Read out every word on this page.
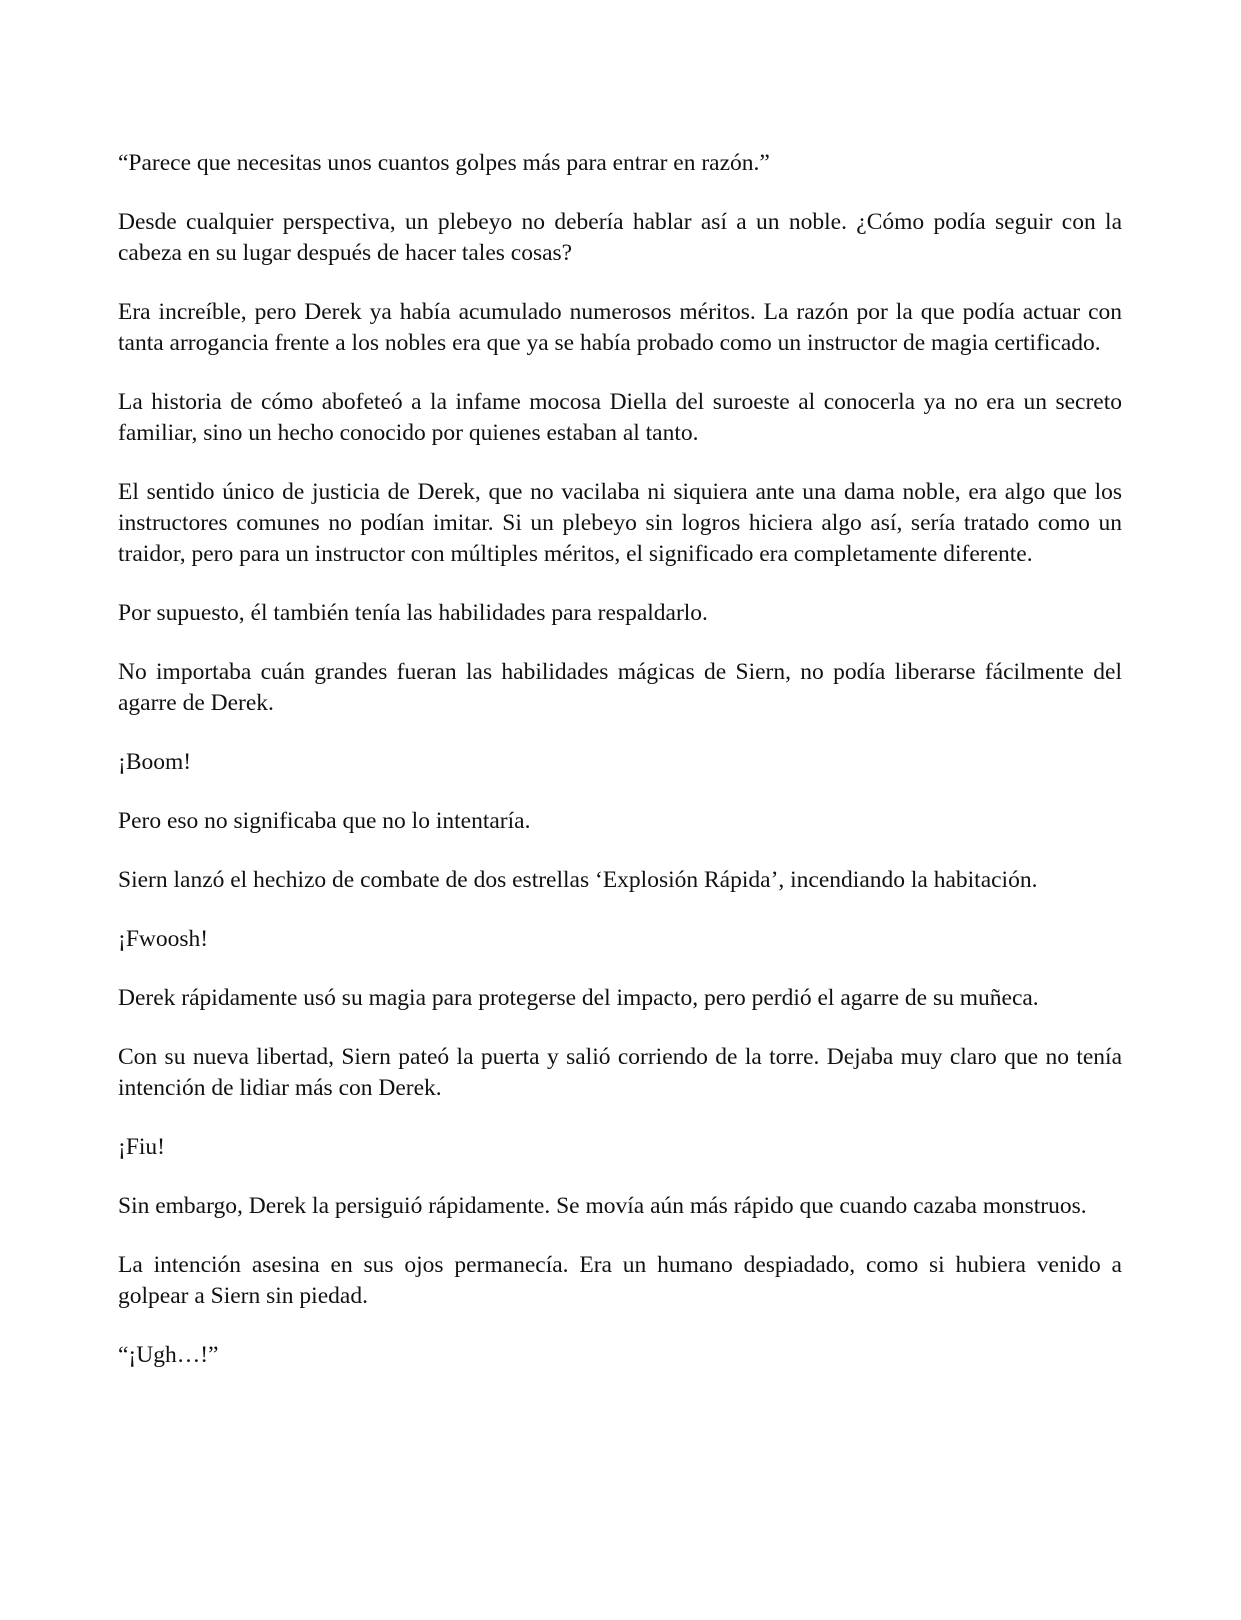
“Parece que necesitas unos cuantos golpes más para entrar en razón.”

Desde cualquier perspectiva, un plebeyo no debería hablar así a un noble. ¿Cómo podía seguir con la cabeza en su lugar después de hacer tales cosas?

Era increíble, pero Derek ya había acumulado numerosos méritos. La razón por la que podía actuar con tanta arrogancia frente a los nobles era que ya se había probado como un instructor de magia certificado.

La historia de cómo abofeteó a la infame mocosa Diella del suroeste al conocerla ya no era un secreto familiar, sino un hecho conocido por quienes estaban al tanto.

El sentido único de justicia de Derek, que no vacilaba ni siquiera ante una dama noble, era algo que los instructores comunes no podían imitar. Si un plebeyo sin logros hiciera algo así, sería tratado como un traidor, pero para un instructor con múltiples méritos, el significado era completamente diferente.

Por supuesto, él también tenía las habilidades para respaldarlo.

No importaba cuán grandes fueran las habilidades mágicas de Siern, no podía liberarse fácilmente del agarre de Derek.

¡Boom!

Pero eso no significaba que no lo intentaría.

Siern lanzó el hechizo de combate de dos estrellas ‘Explosión Rápida’, incendiando la habitación.

¡Fwoosh!

Derek rápidamente usó su magia para protegerse del impacto, pero perdió el agarre de su muñeca.

Con su nueva libertad, Siern pateó la puerta y salió corriendo de la torre. Dejaba muy claro que no tenía intención de lidiar más con Derek.

¡Fiu!

Sin embargo, Derek la persiguió rápidamente. Se movía aún más rápido que cuando cazaba monstruos.

La intención asesina en sus ojos permanecía. Era un humano despiadado, como si hubiera venido a golpear a Siern sin piedad.

“¡Ugh…!”
